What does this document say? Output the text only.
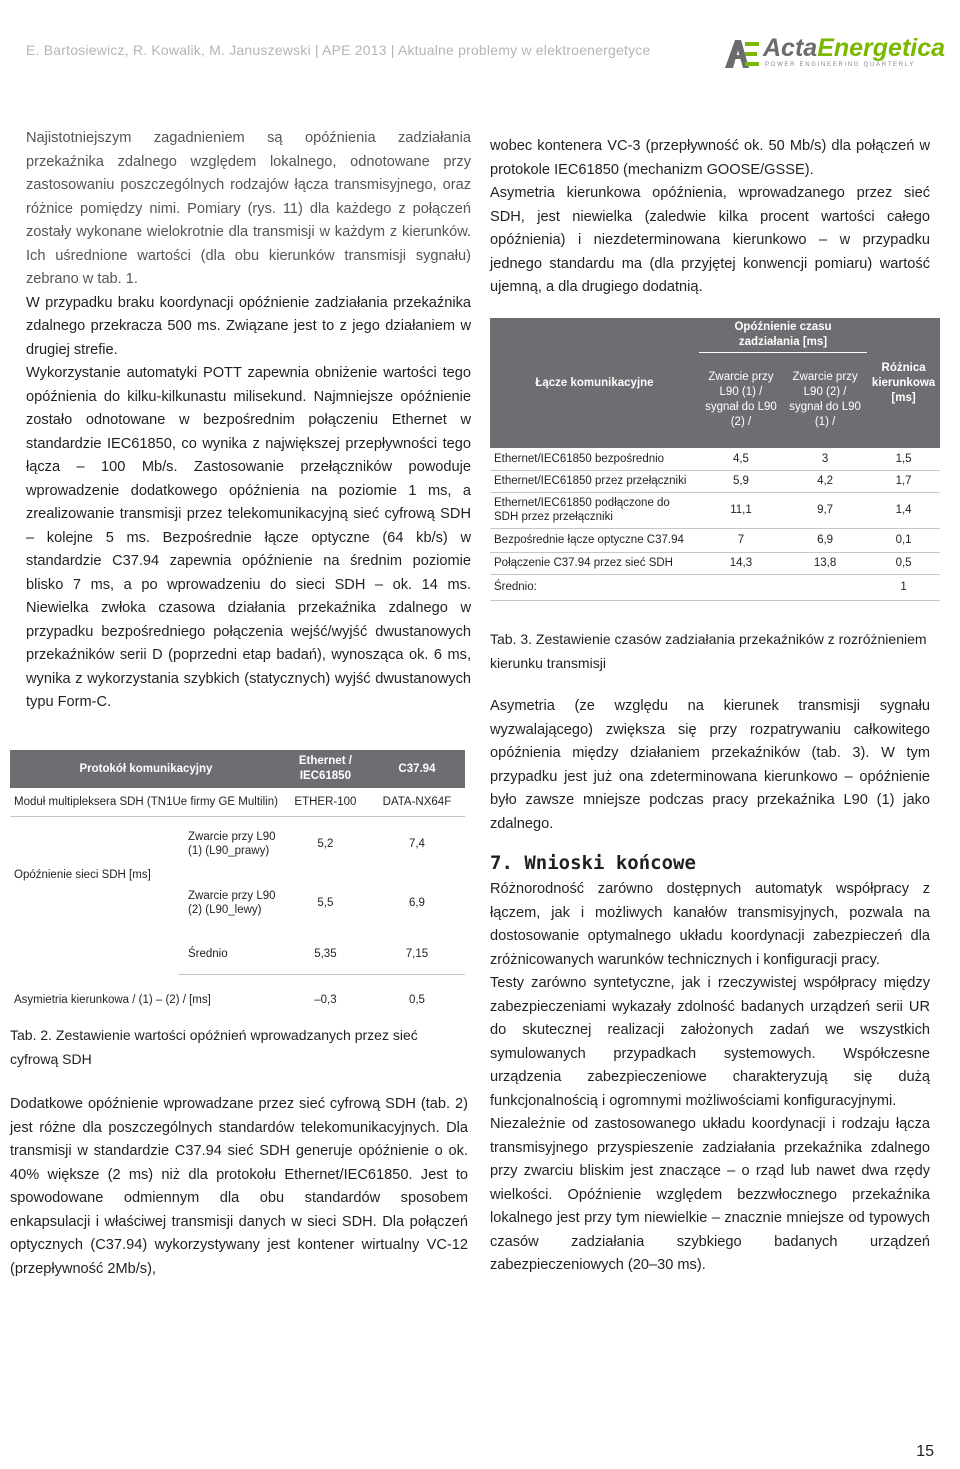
E. Bartosiewicz, R. Kowalik, M. Januszewski | APE 2013 | Aktualne problemy w elektroenergetyce	ActaEnergetica
POWER ENGINEERING QUARTERLY

Najistotniejszym zagadnieniem są opóźnienia zadziałania przekaźnika zdalnego względem lokalnego, odnotowane przy zastosowaniu poszczególnych rodzajów łącza transmisyjnego, oraz różnice pomiędzy nimi. Pomiary (rys. 11) dla każdego z połączeń zostały wykonane wielokrotnie dla transmisji w każdym z kierunków. Ich uśrednione wartości (dla obu kierunków transmisji sygnału) zebrano w tab. 1.

W przypadku braku koordynacji opóźnienie zadziałania przekaźnika zdalnego przekracza 500 ms. Związane jest to z jego działaniem w drugiej strefie.

Wykorzystanie automatyki POTT zapewnia obniżenie wartości tego opóźnienia do kilku-kilkunastu milisekund. Najmniejsze opóźnienie zostało odnotowane w bezpośrednim połączeniu Ethernet w standardzie IEC61850, co wynika z największej przepływności tego łącza – 100 Mb/s. Zastosowanie przełączników powoduje wprowadzenie dodatkowego opóźnienia na poziomie 1 ms, a zrealizowanie transmisji przez telekomunikacyjną sieć cyfrową SDH – kolejne 5 ms. Bezpośrednie łącze optyczne (64 kb/s) w standardzie C37.94 zapewnia opóźnienie na średnim poziomie blisko 7 ms, a po wprowadzeniu do sieci SDH – ok. 14 ms. Niewielka zwłoka czasowa działania przekaźnika zdalnego w przypadku bezpośredniego połączenia wejść/wyjść dwustanowych przekaźników serii D (poprzedni etap badań), wynosząca ok. 6 ms, wynika z wykorzystania szybkich (statycznych) wyjść dwustanowych typu Form-C.

Protokół komunikacyjny		Ethernet / IEC61850	C37.94
Moduł multipleksera SDH (TN1Ue firmy GE Multilin)		ETHER-100	DATA-NX64F
Opóźnienie sieci SDH [ms]	Zwarcie przy L90 (1) (L90_prawy)	5,2	7,4
	Zwarcie przy L90 (2) (L90_lewy)	5,5	6,9
	Średnio	5,35	7,15
Asymietria kierunkowa / (1) – (2) / [ms]		–0,3	0,5
Tab. 2. Zestawienie wartości opóźnień wprowadzanych przez sieć cyfrową SDH

Dodatkowe opóźnienie wprowadzane przez sieć cyfrową SDH (tab. 2) jest różne dla poszczególnych standardów telekomunikacyjnych. Dla transmisji w standardzie C37.94 sieć SDH generuje opóźnienie o ok. 40% większe (2 ms) niż dla protokołu Ethernet/IEC61850. Jest to spowodowane odmiennym dla obu standardów sposobem enkapsulacji i właściwej transmisji danych w sieci SDH. Dla połączeń optycznych (C37.94) wykorzystywany jest kontener wirtualny VC-12 (przepływność 2Mb/s),

wobec kontenera VC-3 (przepływność ok. 50 Mb/s) dla połączeń w protokole IEC61850 (mechanizm GOOSE/GSSE).

Asymetria kierunkowa opóźnienia, wprowadzanego przez sieć SDH, jest niewielka (zaledwie kilka procent wartości całego opóźnienia) i niezdeterminowana kierunkowo – w przypadku jednego standardu ma (dla przyjętej konwencji pomiaru) wartość ujemną, a dla drugiego dodatnią.

Łącze komunikacyjne	Opóźnienie czasu zadziałania [ms]		Różnica kierunkowa [ms]
	Zwarcie przy L90 (1) / sygnał do L90 (2) /	Zwarcie przy L90 (2) / sygnał do L90 (1) /	
Ethernet/IEC61850 bezpośrednio	4,5	3	1,5
Ethernet/IEC61850 przez przełączniki	5,9	4,2	1,7
Ethernet/IEC61850 podłączone do SDH przez przełączniki	11,1	9,7	1,4
Bezpośrednie łącze optyczne C37.94	7	6,9	0,1
Połączenie C37.94 przez sieć SDH	14,3	13,8	0,5
Średnio:			1
Tab. 3. Zestawienie czasów zadziałania przekaźników z rozróżnieniem kierunku transmisji

Asymetria (ze względu na kierunek transmisji sygnału wyzwalającego) zwiększa się przy rozpatrywaniu całkowitego opóźnienia między działaniem przekaźników (tab. 3). W tym przypadku jest już ona zdeterminowana kierunkowo – opóźnienie było zawsze mniejsze podczas pracy przekaźnika L90 (1) jako zdalnego.

7. Wnioski końcowe

Różnorodność zarówno dostępnych automatyk współpracy z łączem, jak i możliwych kanałów transmisyjnych, pozwala na dostosowanie optymalnego układu koordynacji zabezpieczeń dla zróżnicowanych warunków technicznych i konfiguracji pracy.

Testy zarówno syntetyczne, jak i rzeczywistej współpracy między zabezpieczeniami wykazały zdolność badanych urządzeń serii UR do skutecznej realizacji założonych zadań we wszystkich symulowanych przypadkach systemowych. Współczesne urządzenia zabezpieczeniowe charakteryzują się dużą funkcjonalnością i ogromnymi możliwościami konfiguracyjnymi.

Niezależnie od zastosowanego układu koordynacji i rodzaju łącza transmisyjnego przyspieszenie zadziałania przekaźnika zdalnego przy zwarciu bliskim jest znaczące – o rząd lub nawet dwa rzędy wielkości. Opóźnienie względem bezzwłocznego przekaźnika lokalnego jest przy tym niewielkie – znacznie mniejsze od typowych czasów zadziałania szybkiego badanych urządzeń zabezpieczeniowych (20–30 ms).

15
